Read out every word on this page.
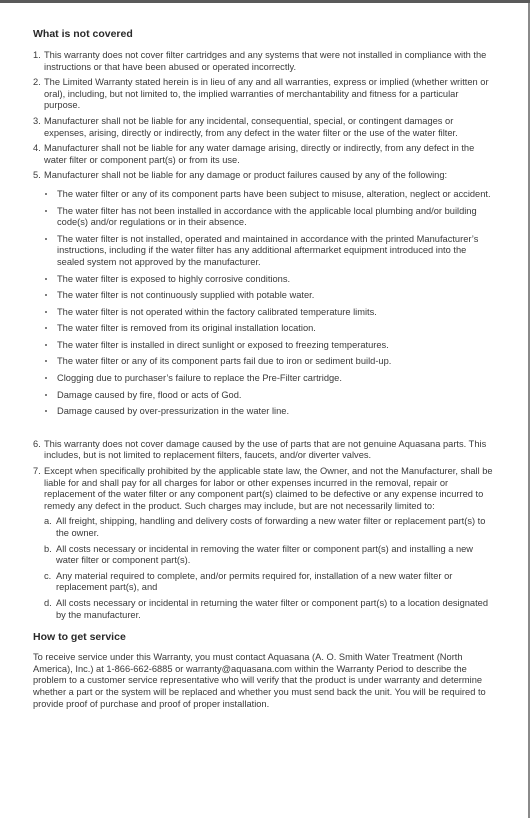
What is not covered
1. This warranty does not cover filter cartridges and any systems that were not installed in compliance with the instructions or that have been abused or operated incorrectly.
2. The Limited Warranty stated herein is in lieu of any and all warranties, express or implied (whether written or oral), including, but not limited to, the implied warranties of merchantability and fitness for a particular purpose.
3. Manufacturer shall not be liable for any incidental, consequential, special, or contingent damages or expenses, arising, directly or indirectly, from any defect in the water filter or the use of the water filter.
4. Manufacturer shall not be liable for any water damage arising, directly or indirectly, from any defect in the water filter or component part(s) or from its use.
5. Manufacturer shall not be liable for any damage or product failures caused by any of the following:
The water filter or any of its component parts have been subject to misuse, alteration, neglect or accident.
The water filter has not been installed in accordance with the applicable local plumbing and/or building code(s) and/or regulations or in their absence.
The water filter is not installed, operated and maintained in accordance with the printed Manufacturer’s instructions, including if the water filter has any additional aftermarket equipment introduced into the sealed system not approved by the manufacturer.
The water filter is exposed to highly corrosive conditions.
The water filter is not continuously supplied with potable water.
The water filter is not operated within the factory calibrated temperature limits.
The water filter is removed from its original installation location.
The water filter is installed in direct sunlight or exposed to freezing temperatures.
The water filter or any of its component parts fail due to iron or sediment build-up.
Clogging due to purchaser’s failure to replace the Pre-Filter cartridge.
Damage caused by fire, flood or acts of God.
Damage caused by over-pressurization in the water line.
6. This warranty does not cover damage caused by the use of parts that are not genuine Aquasana parts. This includes, but is not limited to replacement filters, faucets, and/or diverter valves.
7. Except when specifically prohibited by the applicable state law, the Owner, and not the Manufacturer, shall be liable for and shall pay for all charges for labor or other expenses incurred in the removal, repair or replacement of the water filter or any component part(s) claimed to be defective or any expense incurred to remedy any defect in the product. Such charges may include, but are not necessarily limited to:
a. All freight, shipping, handling and delivery costs of forwarding a new water filter or replacement part(s) to the owner.
b. All costs necessary or incidental in removing the water filter or component part(s) and installing a new water filter or component part(s).
c. Any material required to complete, and/or permits required for, installation of a new water filter or replacement part(s), and
d. All costs necessary or incidental in returning the water filter or component part(s) to a location designated by the manufacturer.
How to get service

To receive service under this Warranty, you must contact Aquasana (A. O. Smith Water Treatment (North America), Inc.) at 1-866-662-6885 or warranty@aquasana.com within the Warranty Period to describe the problem to a customer service representative who will verify that the product is under warranty and determine whether a part or the system will be replaced and whether you must send back the unit. You will be required to provide proof of purchase and proof of proper installation.
